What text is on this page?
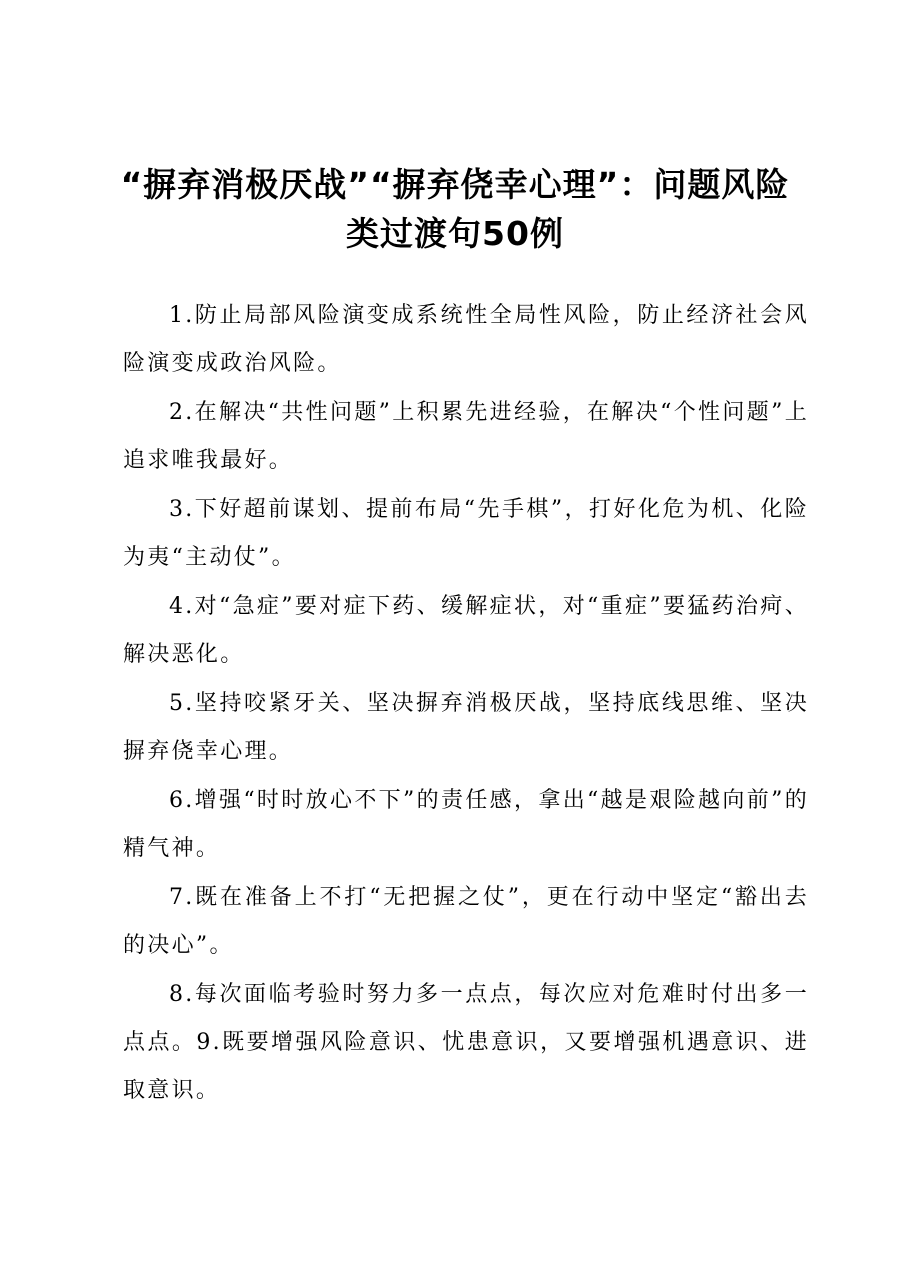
“摒弃消极厌战”“摒弃侥幸心理”：问题风险类过渡句50例

1.防止局部风险演变成系统性全局性风险，防止经济社会风险演变成政治风险。

2.在解决“共性问题”上积累先进经验，在解决“个性问题”上追求唯我最好。

3.下好超前谋划、提前布局“先手棋”，打好化危为机、化险为夷“主动仗”。

4.对“急症”要对症下药、缓解症状，对“重症”要猛药治疴、解决恶化。

5.坚持咬紧牙关、坚决摒弃消极厌战，坚持底线思维、坚决摒弃侥幸心理。

6.增强“时时放心不下”的责任感，拿出“越是艰险越向前”的精气神。

7.既在准备上不打“无把握之仗”，更在行动中坚定“豁出去的决心”。

8.每次面临考验时努力多一点点，每次应对危难时付出多一点点。9.既要增强风险意识、忧患意识，又要增强机遇意识、进取意识。
